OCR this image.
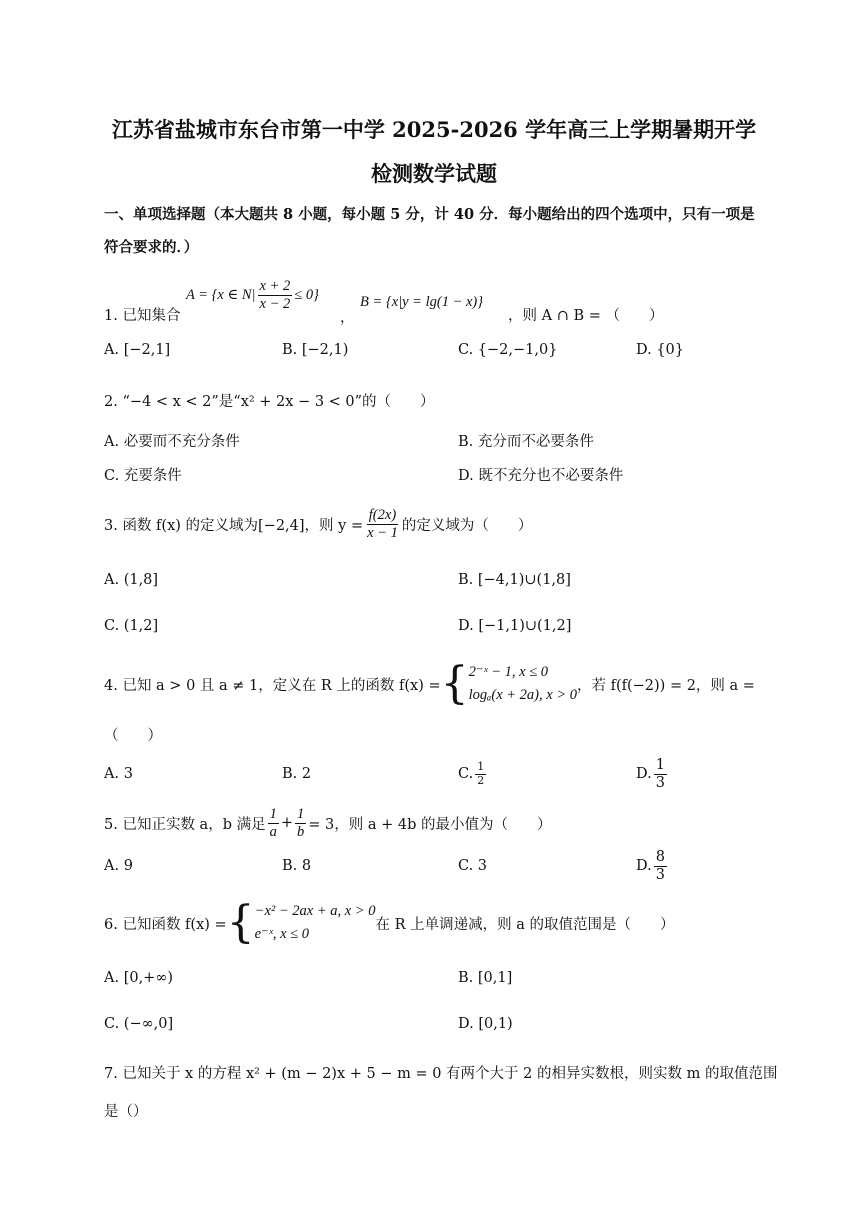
江苏省盐城市东台市第一中学 2025-2026 学年高三上学期暑期开学
检测数学试题
一、单项选择题（本大题共 8 小题，每小题 5 分，计 40 分．每小题给出的四个选项中，只有一项是
符合要求的．）
1. 已知集合
A = {x ∈ $N| \frac{x + 2}{x - 2} \le 0$}
，
B = {x|y = lg(1 − x)}
，则 A ∩ B = （　　）
A. [−2,1]	B. [−2,1)	C. {−2,−1,0}	D. {0}
2. “−4 < x < 2”是“x² + 2x − 3 < 0”的（　　）
A. 必要而不充分条件	B. 充分而不必要条件
C. 充要条件	D. 既不充分也不必要条件
3. 函数 f(x) 的定义域为[−2,4]，则 $y = \frac{f(2x)}{x - 1}$ 的定义域为（　　）
A. (1,8]	B. [−4,1)∪(1,8]
C. (1,2]	D. [−1,1)∪(1,2]
4. 已知 a > 0 且 a ≠ 1，定义在 R 上的函数 f(x) = { 2⁻ˣ − 1, x ≤ 0
logₐ(x + 2a), x > 0
，若 f(f(−2)) = 2，则 a =
（　　）
A. 3	B. 2	C. $\frac{1}{2}$	D. $\frac{1}{3}$
5. 已知正实数 a，b 满足 $\frac{1}{a} + \frac{1}{b} = 3$，则 a + 4b 的最小值为（　　）
A. 9	B. 8	C. 3	D. $\frac{8}{3}$
6. 已知函数 f(x) = { −x² − 2ax + a, x > 0
e⁻ˣ, x ≤ 0
在 R 上单调递减，则 a 的取值范围是（　　）
A. [0,+∞)	B. [0,1]
C. (−∞,0]	D. [0,1)
7. 已知关于 x 的方程 x² + (m − 2)x + 5 − m = 0 有两个大于 2 的相异实数根，则实数 m 的取值范围
是（）
